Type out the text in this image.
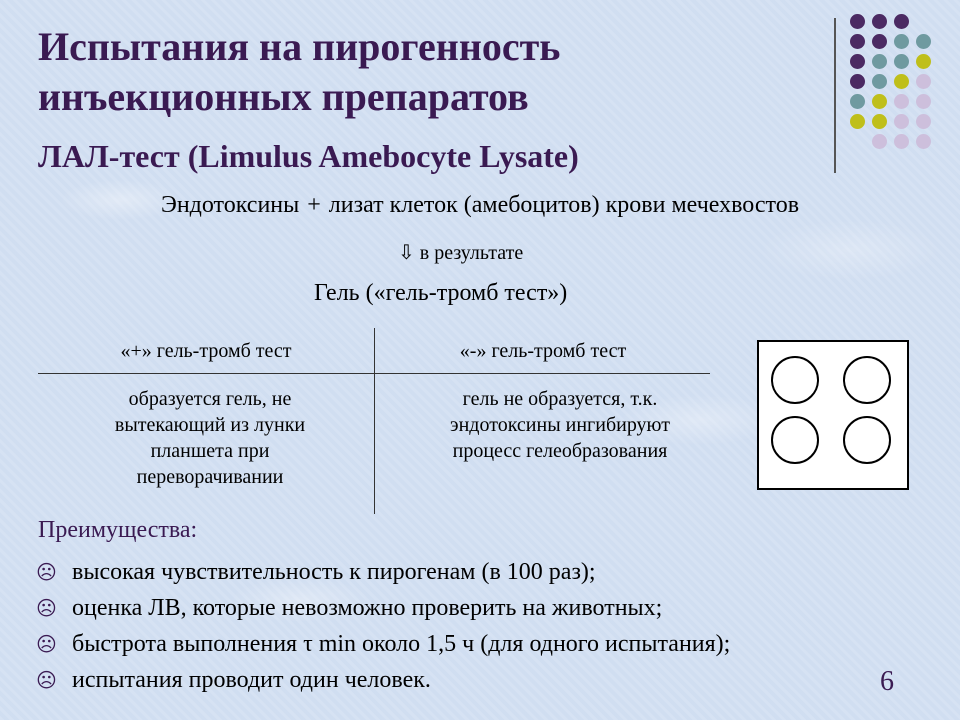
Испытания на пирогенность инъекционных препаратов
ЛАЛ-тест (Limulus Amebocyte Lysate)
Эндотоксины + лизат клеток (амебоцитов) крови мечехвостов
⇩ в результате
Гель («гель-тромб тест»)
«+» гель-тромб тест	«-» гель-тромб тест
образуется гель, не вытекающий из лунки планшета при переворачивании
гель не образуется, т.к. эндотоксины ингибируют процесс гелеобразования
Преимущества:
☹ высокая чувствительность к пирогенам (в 100 раз);
☹ оценка ЛВ, которые невозможно проверить на животных;
☹ быстрота выполнения τ min около 1,5 ч (для одного испытания);
☹ испытания проводит один человек.	6
